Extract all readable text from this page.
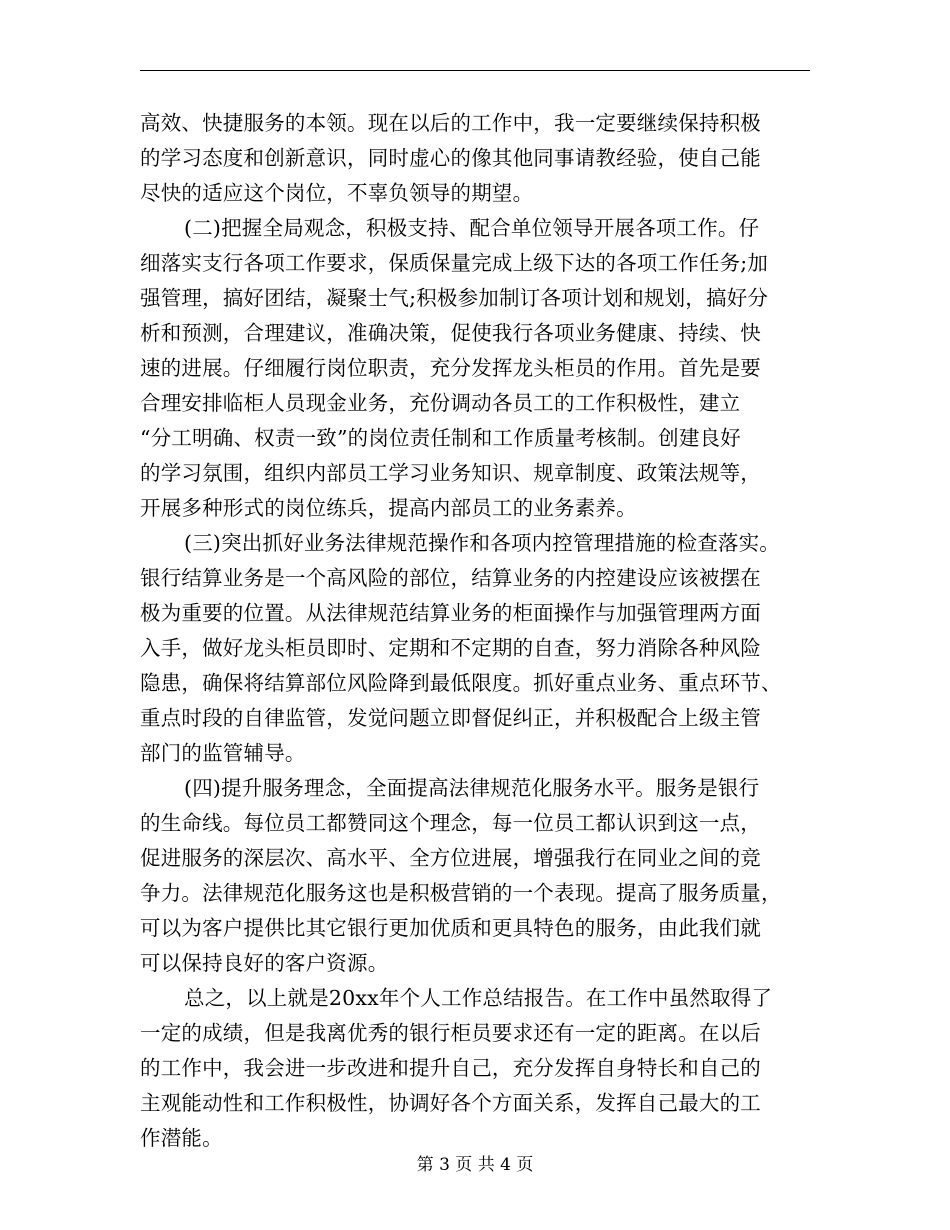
高效、快捷服务的本领。现在以后的工作中，我一定要继续保持积极
的学习态度和创新意识，同时虚心的像其他同事请教经验，使自己能
尽快的适应这个岗位，不辜负领导的期望。
(二)把握全局观念，积极支持、配合单位领导开展各项工作。仔
细落实支行各项工作要求，保质保量完成上级下达的各项工作任务;加
强管理，搞好团结，凝聚士气;积极参加制订各项计划和规划，搞好分
析和预测，合理建议，准确决策，促使我行各项业务健康、持续、快
速的进展。仔细履行岗位职责，充分发挥龙头柜员的作用。首先是要
合理安排临柜人员现金业务，充份调动各员工的工作积极性，建立
“分工明确、权责一致”的岗位责任制和工作质量考核制。创建良好
的学习氛围，组织内部员工学习业务知识、规章制度、政策法规等，
开展多种形式的岗位练兵，提高内部员工的业务素养。
(三)突出抓好业务法律规范操作和各项内控管理措施的检查落实。
银行结算业务是一个高风险的部位，结算业务的内控建设应该被摆在
极为重要的位置。从法律规范结算业务的柜面操作与加强管理两方面
入手，做好龙头柜员即时、定期和不定期的自查，努力消除各种风险
隐患，确保将结算部位风险降到最低限度。抓好重点业务、重点环节、
重点时段的自律监管，发觉问题立即督促纠正，并积极配合上级主管
部门的监管辅导。
(四)提升服务理念，全面提高法律规范化服务水平。服务是银行
的生命线。每位员工都赞同这个理念，每一位员工都认识到这一点，
促进服务的深层次、高水平、全方位进展，增强我行在同业之间的竞
争力。法律规范化服务这也是积极营销的一个表现。提高了服务质量，
可以为客户提供比其它银行更加优质和更具特色的服务，由此我们就
可以保持良好的客户资源。
总之，以上就是20xx年个人工作总结报告。在工作中虽然取得了
一定的成绩，但是我离优秀的银行柜员要求还有一定的距离。在以后
的工作中，我会进一步改进和提升自己，充分发挥自身特长和自己的
主观能动性和工作积极性，协调好各个方面关系，发挥自己最大的工
作潜能。
第 3 页 共 4 页
